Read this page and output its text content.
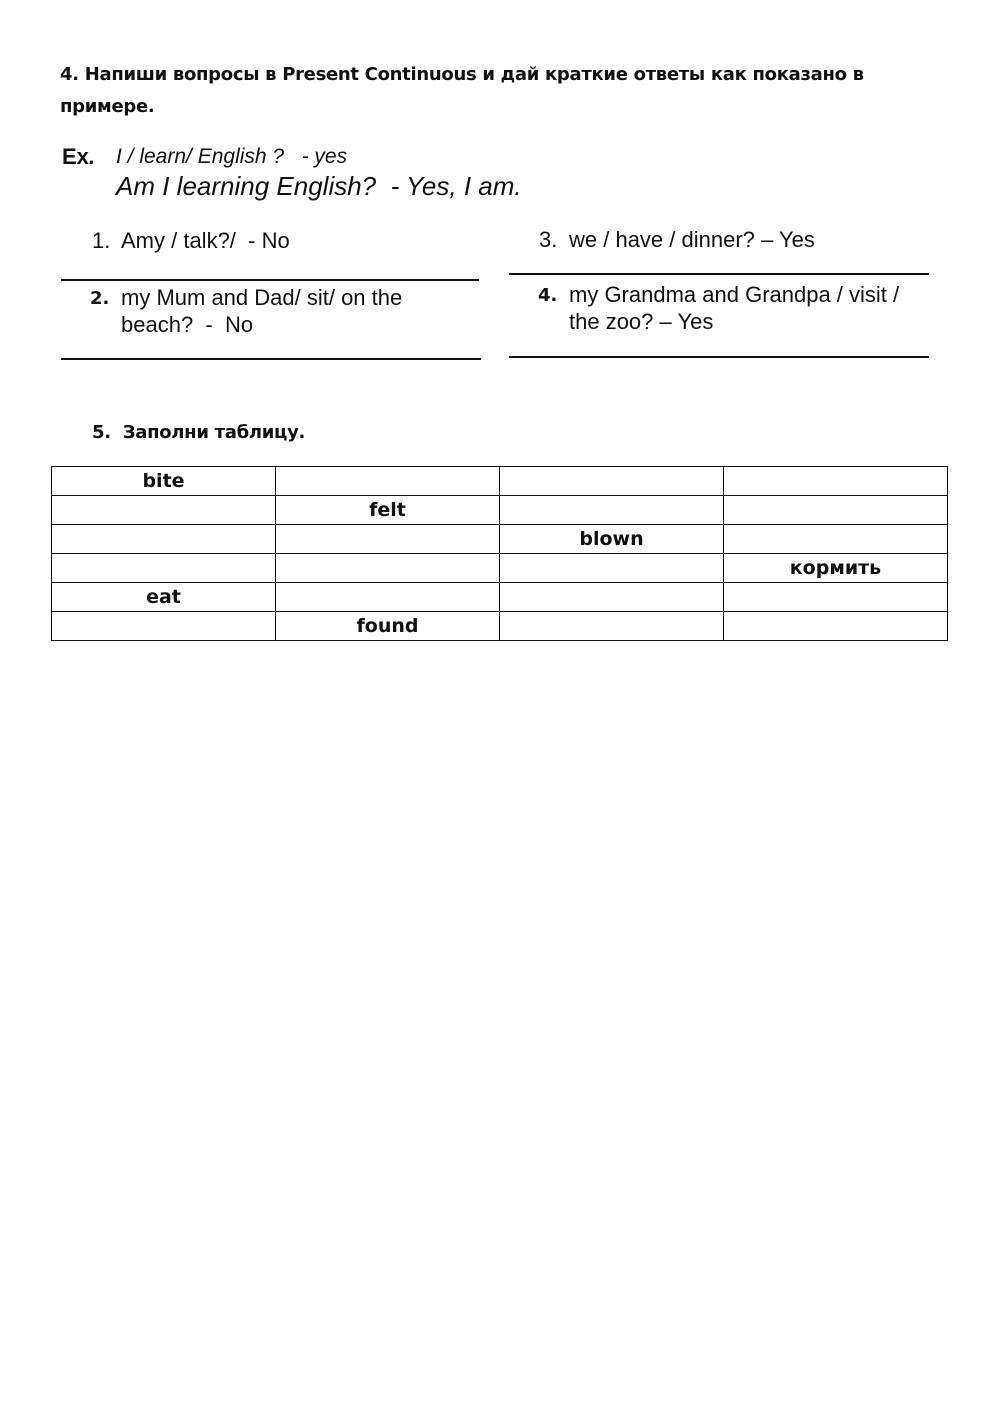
4. Напиши вопросы в Present Continuous и дай краткие ответы как показано в примере.
Ex. I / learn/ English ?   - yes
Am I learning English?  - Yes, I am.
1. Amy / talk?/  - No
2. my Mum and Dad/ sit/ on the
beach?  -  No
3. we / have / dinner? – Yes
4. my Grandma and Grandpa / visit /
the zoo? – Yes
5. Заполни таблицу.
bite			
	felt		
		blown	
			кормить
eat			
	found		
